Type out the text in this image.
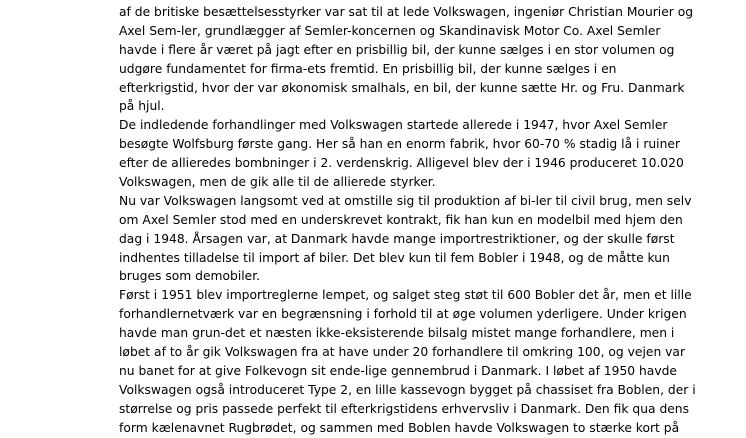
af de britiske besættelsesstyrker var sat til at lede Volkswagen, ingeniør Christian Mourier og
Axel Sem-ler, grundlægger af Semler-koncernen og Skandinavisk Motor Co. Axel Semler
havde i flere år været på jagt efter en prisbillig bil, der kunne sælges i en stor volumen og
udgøre fundamentet for firma-ets fremtid. En prisbillig bil, der kunne sælges i en
efterkrigstid, hvor der var økonomisk smalhals, en bil, der kunne sætte Hr. og Fru. Danmark
på hjul.
De indledende forhandlinger med Volkswagen startede allerede i 1947, hvor Axel Semler
besøgte Wolfsburg første gang. Her så han en enorm fabrik, hvor 60-70 % stadig lå i ruiner
efter de allieredes bombninger i 2. verdenskrig. Alligevel blev der i 1946 produceret 10.020
Volkswagen, men de gik alle til de allierede styrker.
Nu var Volkswagen langsomt ved at omstille sig til produktion af bi-ler til civil brug, men selv
om Axel Semler stod med en underskrevet kontrakt, fik han kun en modelbil med hjem den
dag i 1948. Årsagen var, at Danmark havde mange importrestriktioner, og der skulle først
indhentes tilladelse til import af biler. Det blev kun til fem Bobler i 1948, og de måtte kun
bruges som demobiler.
Først i 1951 blev importreglerne lempet, og salget steg støt til 600 Bobler det år, men et lille
forhandlernetværk var en begrænsning i forhold til at øge volumen yderligere. Under krigen
havde man grun-det et næsten ikke-eksisterende bilsalg mistet mange forhandlere, men i
løbet af to år gik Volkswagen fra at have under 20 forhandlere til omkring 100, og vejen var
nu banet for at give Folkevogn sit ende-lige gennembrud i Danmark. I løbet af 1950 havde
Volkswagen også introduceret Type 2, en lille kassevogn bygget på chassiset fra Boblen, der i
størrelse og pris passede perfekt til efterkrigstidens erhvervsliv i Danmark. Den fik qua dens
form kælenavnet Rugbrødet, og sammen med Boblen havde Volkswagen to stærke kort på
